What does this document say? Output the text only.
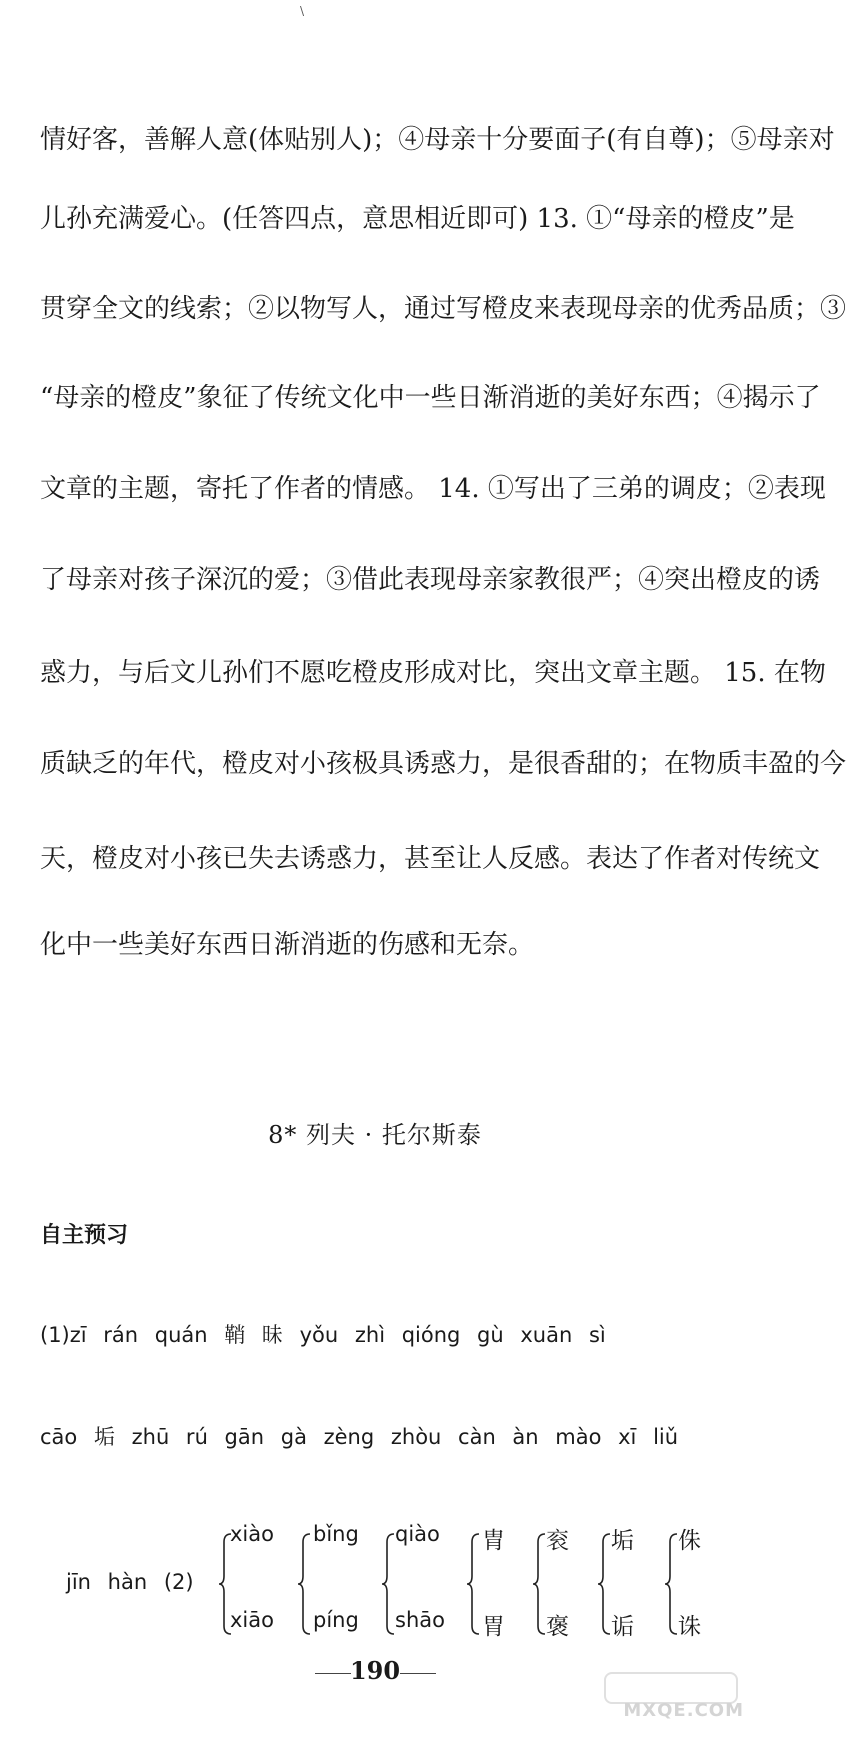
\
情好客，善解人意(体贴别人)；④母亲十分要面子(有自尊)；⑤母亲对
儿孙充满爱心。(任答四点，意思相近即可) 13. ①“母亲的橙皮”是
贯穿全文的线索；②以物写人，通过写橙皮来表现母亲的优秀品质；③
“母亲的橙皮”象征了传统文化中一些日渐消逝的美好东西；④揭示了
文章的主题，寄托了作者的情感。 14. ①写出了三弟的调皮；②表现
了母亲对孩子深沉的爱；③借此表现母亲家教很严；④突出橙皮的诱
惑力，与后文儿孙们不愿吃橙皮形成对比，突出文章主题。 15. 在物
质缺乏的年代，橙皮对小孩极具诱惑力，是很香甜的；在物质丰盈的今
天，橙皮对小孩已失去诱惑力，甚至让人反感。表达了作者对传统文
化中一些美好东西日渐消逝的伤感和无奈。
8* 列夫 · 托尔斯泰
自主预习
(1)zī rán quán 鞘 昧 yǒu zhì qióng gù xuān sì
cāo 垢 zhū rú gān gà zèng zhòu càn àn mào xī liǔ
jīn hàn (2)
xiào
xiāo
bǐng
píng
qiào
shāo
胄
胃
衮
褒
垢
诟
侏
诛
190
MXQE.COM
